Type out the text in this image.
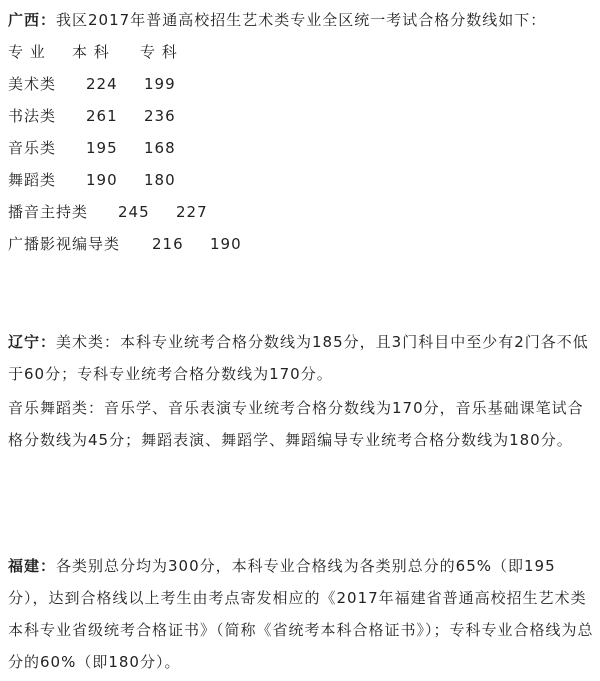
广西：我区2017年普通高校招生艺术类专业全区统一考试合格分数线如下：
专 业 本 科 专 科
美术类 224 199
书法类 261 236
音乐类 195 168
舞蹈类 190 180
播音主持类 245 227
广播影视编导类 216 190
辽宁：美术类：本科专业统考合格分数线为185分，且3门科目中至少有2门各不低于60分；专科专业统考合格分数线为170分。
音乐舞蹈类：音乐学、音乐表演专业统考合格分数线为170分，音乐基础课笔试合格分数线为45分；舞蹈表演、舞蹈学、舞蹈编导专业统考合格分数线为180分。
福建：各类别总分均为300分，本科专业合格线为各类别总分的65%（即195分），达到合格线以上考生由考点寄发相应的《2017年福建省普通高校招生艺术类本科专业省级统考合格证书》（简称《省统考本科合格证书》）；专科专业合格线为总分的60%（即180分）。
